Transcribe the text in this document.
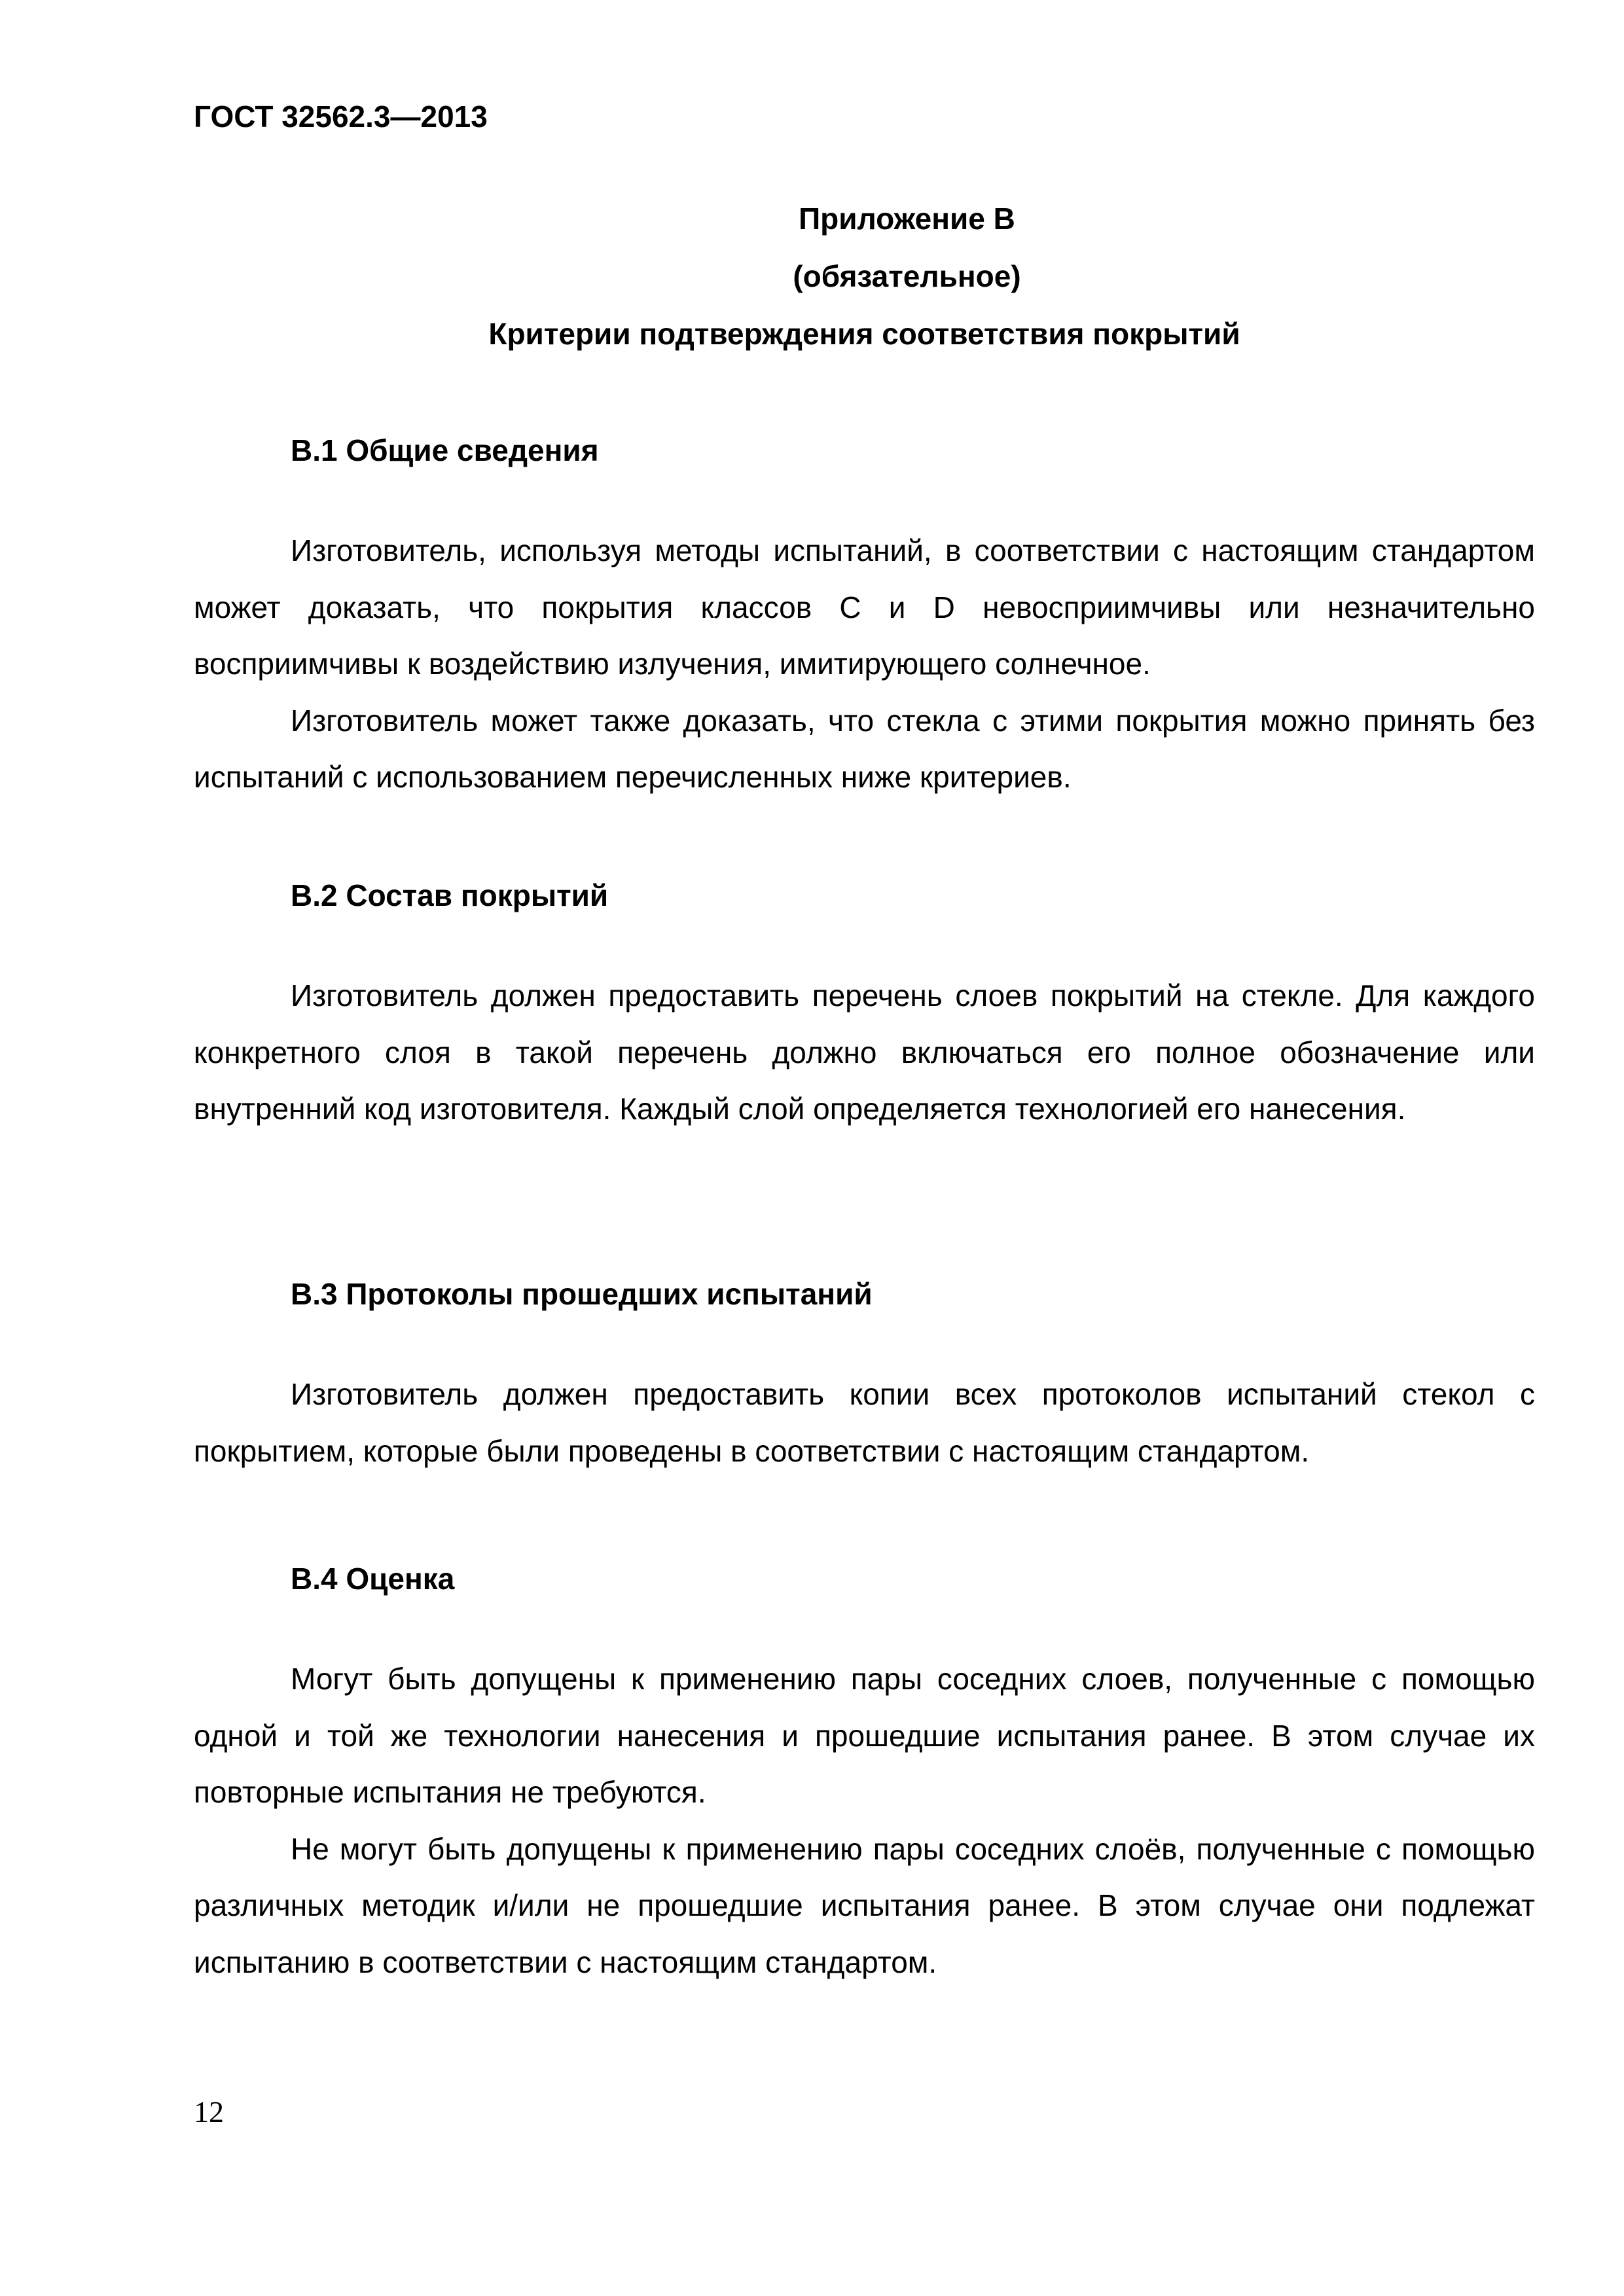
ГОСТ 32562.3—2013
Приложение В
(обязательное)
Критерии подтверждения соответствия покрытий

В.1 Общие сведения

Изготовитель, используя методы испытаний, в соответствии с настоящим стандартом может доказать, что покрытия классов C и D невосприимчивы или незначительно восприимчивы к воздействию излучения, имитирующего солнечное.

Изготовитель может также доказать, что стекла с этими покрытия можно принять без испытаний с использованием перечисленных ниже критериев.

В.2 Состав покрытий

Изготовитель должен предоставить перечень слоев покрытий на стекле. Для каждого конкретного слоя в такой перечень должно включаться его полное обозначение или внутренний код изготовителя. Каждый слой определяется технологией его нанесения.

В.3 Протоколы прошедших испытаний

Изготовитель должен предоставить копии всех протоколов испытаний стекол с покрытием, которые были проведены в соответствии с настоящим стандартом.

В.4 Оценка

Могут быть допущены к применению пары соседних слоев, полученные с помощью одной и той же технологии нанесения и прошедшие испытания ранее. В этом случае их повторные испытания не требуются.

Не могут быть допущены к применению пары соседних слоёв, полученные с помощью различных методик и/или не прошедшие испытания ранее. В этом случае они подлежат испытанию в соответствии с настоящим стандартом.

12
